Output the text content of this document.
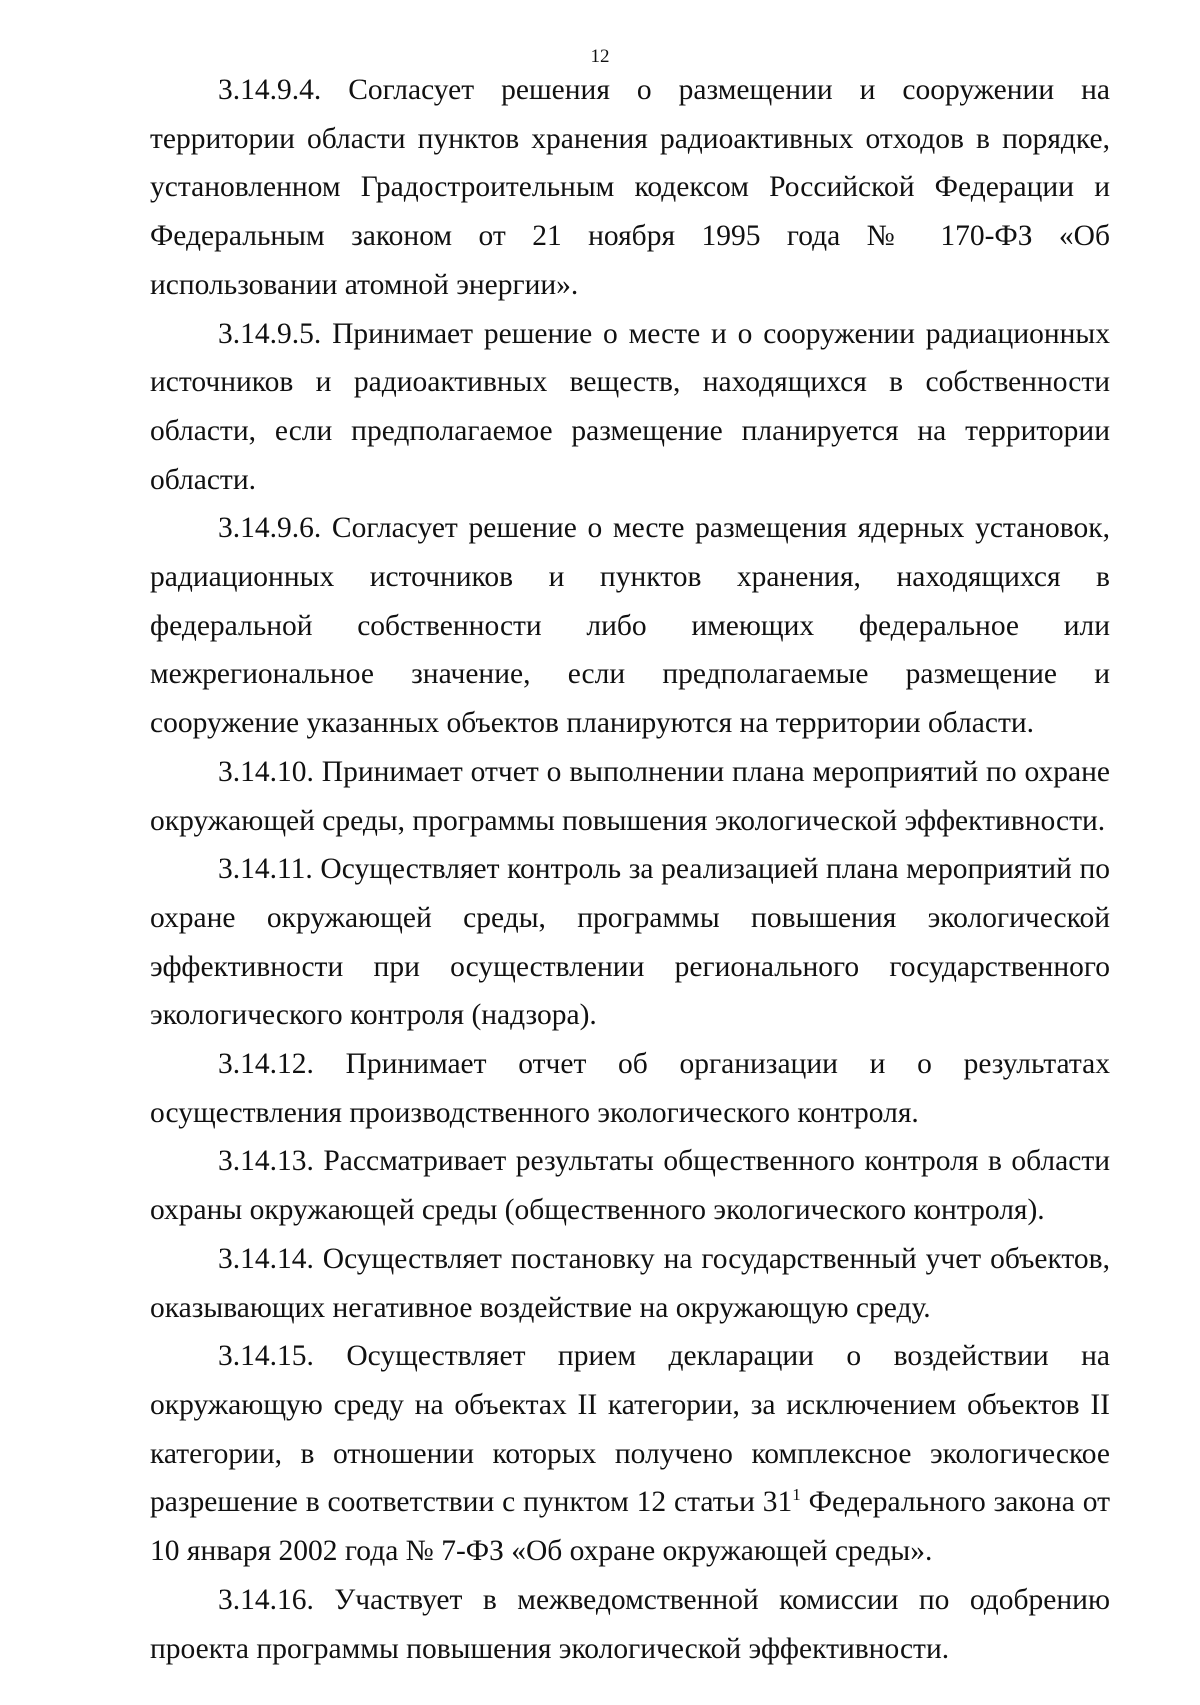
12

3.14.9.4. Согласует решения о размещении и сооружении на территории области пунктов хранения радиоактивных отходов в порядке, установленном Градостроительным кодексом Российской Федерации и Федеральным законом от 21 ноября 1995 года № 170-ФЗ «Об использовании атомной энергии».

3.14.9.5. Принимает решение о месте и о сооружении радиационных источников и радиоактивных веществ, находящихся в собственности области, если предполагаемое размещение планируется на территории области.

3.14.9.6. Согласует решение о месте размещения ядерных установок, радиационных источников и пунктов хранения, находящихся в федеральной собственности либо имеющих федеральное или межрегиональное значение, если предполагаемые размещение и сооружение указанных объектов планируются на территории области.

3.14.10. Принимает отчет о выполнении плана мероприятий по охране окружающей среды, программы повышения экологической эффективности.

3.14.11. Осуществляет контроль за реализацией плана мероприятий по охране окружающей среды, программы повышения экологической эффективности при осуществлении регионального государственного экологического контроля (надзора).

3.14.12. Принимает отчет об организации и о результатах осуществления производственного экологического контроля.

3.14.13. Рассматривает результаты общественного контроля в области охраны окружающей среды (общественного экологического контроля).

3.14.14. Осуществляет постановку на государственный учет объектов, оказывающих негативное воздействие на окружающую среду.

3.14.15. Осуществляет прием декларации о воздействии на окружающую среду на объектах II категории, за исключением объектов II категории, в отношении которых получено комплексное экологическое разрешение в соответствии с пунктом 12 статьи $31^1$ Федерального закона от 10 января 2002 года № 7-ФЗ «Об охране окружающей среды».

3.14.16. Участвует в межведомственной комиссии по одобрению проекта программы повышения экологической эффективности.
